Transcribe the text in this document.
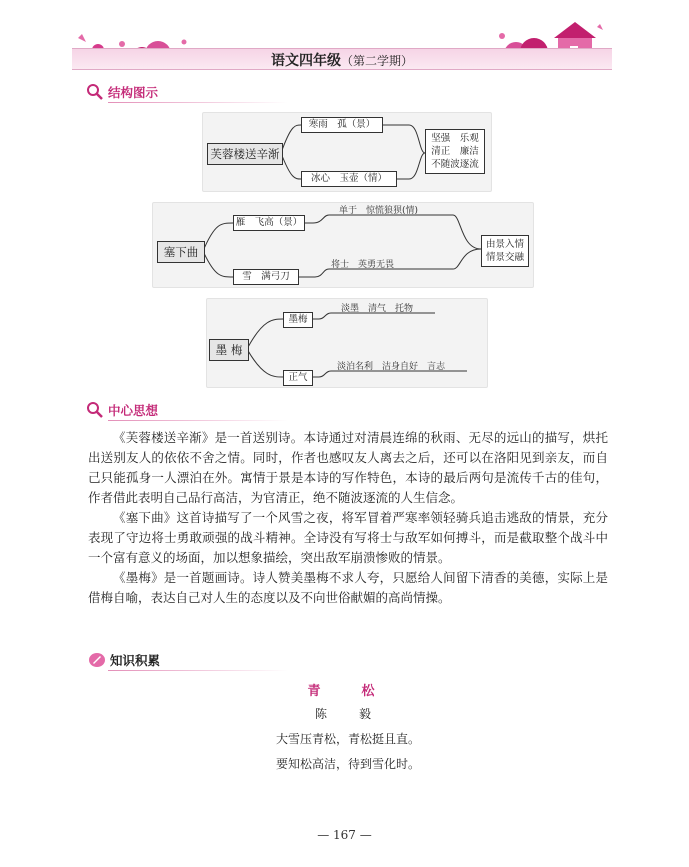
语文四年级（第二学期）
结构图示
芙蓉楼送辛渐
寒雨　孤（景）
冰心　玉壶（情）
坚强　乐观
清正　廉洁
不随波逐流
塞下曲
雁　飞高（景）
单于　惊慌狼狈(情)
雪　满弓刀
将士　英勇无畏
由景入情
情景交融
墨 梅
墨梅
淡墨　清气　托物
正气
淡泊名利　洁身自好　言志
中心思想

《芙蓉楼送辛渐》是一首送别诗。本诗通过对清晨连绵的秋雨、无尽的远山的描写，烘托出送别友人的依依不舍之情。同时，作者也感叹友人离去之后，还可以在洛阳见到亲友，而自己只能孤身一人漂泊在外。寓情于景是本诗的写作特色，本诗的最后两句是流传千古的佳句，作者借此表明自己品行高洁，为官清正，绝不随波逐流的人生信念。

《塞下曲》这首诗描写了一个风雪之夜，将军冒着严寒率领轻骑兵追击逃敌的情景，充分表现了守边将士勇敢顽强的战斗精神。全诗没有写将士与敌军如何搏斗，而是截取整个战斗中一个富有意义的场面，加以想象描绘，突出敌军崩溃惨败的情景。

《墨梅》是一首题画诗。诗人赞美墨梅不求人夸，只愿给人间留下清香的美德，实际上是借梅自喻，表达自己对人生的态度以及不向世俗献媚的高尚情操。

知识积累
青　松
陈　毅
大雪压青松，青松挺且直。
要知松高洁，待到雪化时。
— 167 —
